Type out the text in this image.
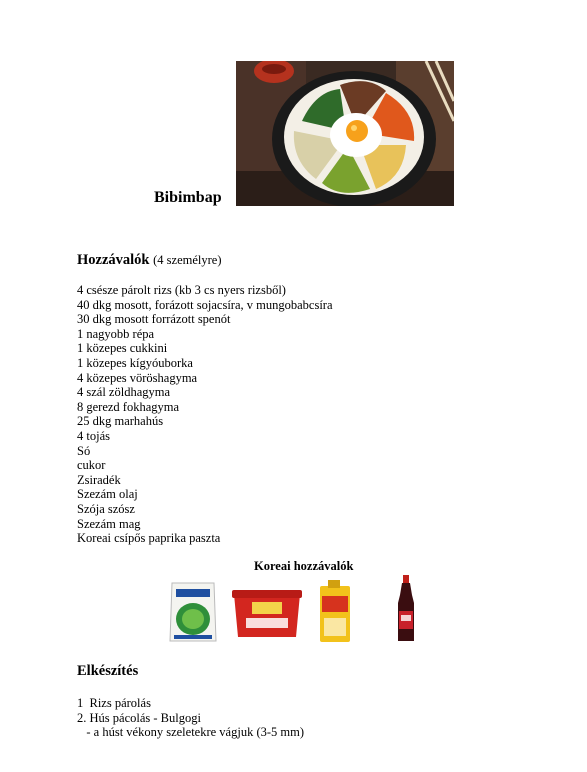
Bibimbap
Hozzávalók (4 személyre)
4 csésze párolt rizs (kb 3 cs nyers rizsből)
40 dkg mosott, forázott sojacsíra, v mungobabcsíra
30 dkg mosott forrázott spenót
1 nagyobb répa
1 közepes cukkini
1 közepes kígyóuborka
4 közepes vöröshagyma
4 szál zöldhagyma
8 gerezd fokhagyma
25 dkg marhahús
4 tojás
Só
cukor
Zsiradék
Szezám olaj
Szója szósz
Szezám mag
Koreai csípős paprika paszta
Koreai hozzávalók
Elkészítés
1  Rizs párolás
2. Hús pácolás - Bulgogi
- a húst vékony szeletekre vágjuk (3-5 mm)
